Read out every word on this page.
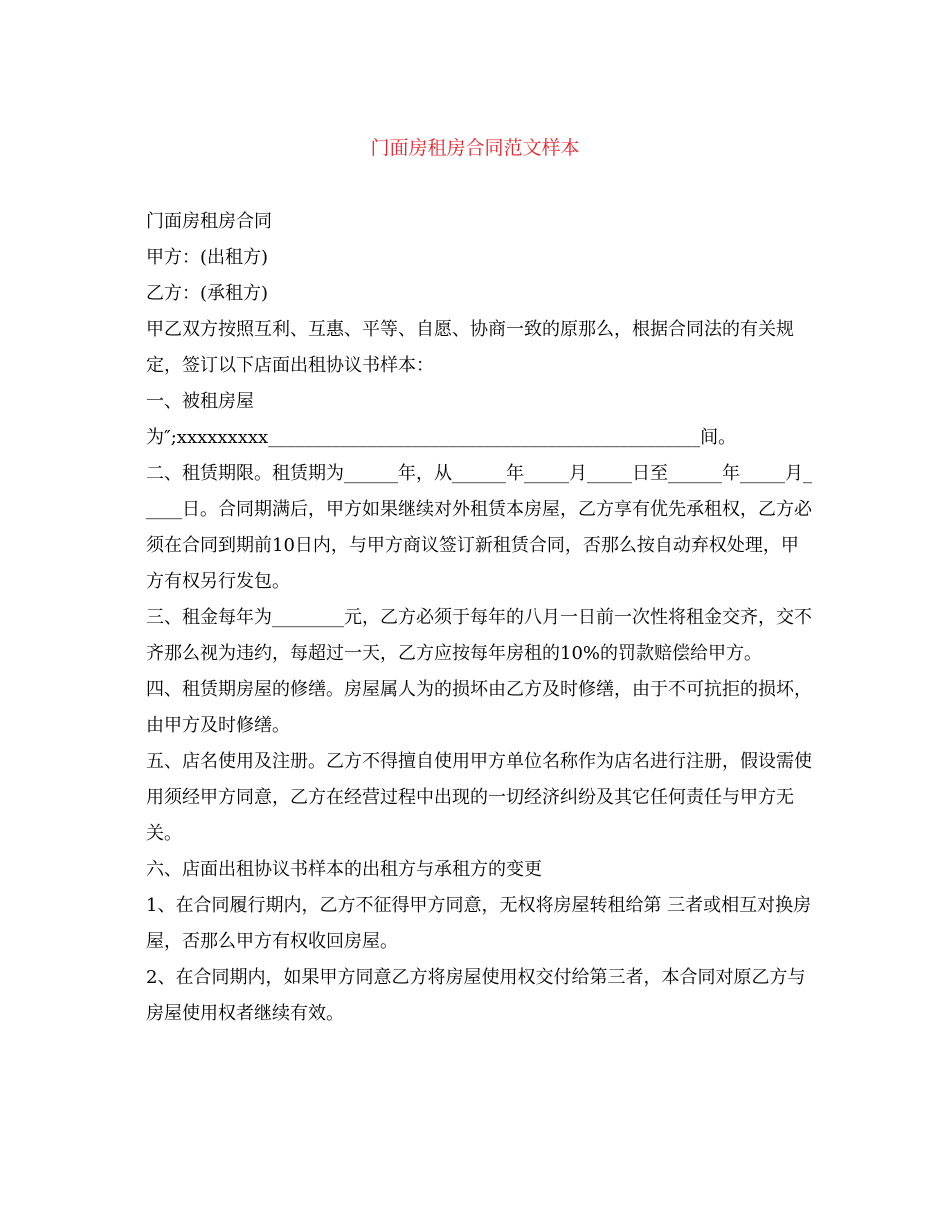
门面房租房合同范文样本

门面房租房合同

甲方：(出租方)

乙方：(承租方)

甲乙双方按照互利、互惠、平等、自愿、协商一致的原那么，根据合同法的有关规定，签订以下店面出租协议书样本：

一、被租房屋

为″;xxxxxxxxx________________________________________________间。

二、租赁期限。租赁期为______年，从______年_____月_____日至______年_____月_____日。合同期满后，甲方如果继续对外租赁本房屋，乙方享有优先承租权，乙方必须在合同到期前10日内，与甲方商议签订新租赁合同，否那么按自动弃权处理，甲方有权另行发包。

三、租金每年为________元，乙方必须于每年的八月一日前一次性将租金交齐，交不齐那么视为违约，每超过一天，乙方应按每年房租的10%的罚款赔偿给甲方。

四、租赁期房屋的修缮。房屋属人为的损坏由乙方及时修缮，由于不可抗拒的损坏，由甲方及时修缮。

五、店名使用及注册。乙方不得擅自使用甲方单位名称作为店名进行注册，假设需使用须经甲方同意，乙方在经营过程中出现的一切经济纠纷及其它任何责任与甲方无关。

六、店面出租协议书样本的出租方与承租方的变更

1、在合同履行期内，乙方不征得甲方同意，无权将房屋转租给第 三者或相互对换房屋，否那么甲方有权收回房屋。

2、在合同期内，如果甲方同意乙方将房屋使用权交付给第三者，本合同对原乙方与房屋使用权者继续有效。
